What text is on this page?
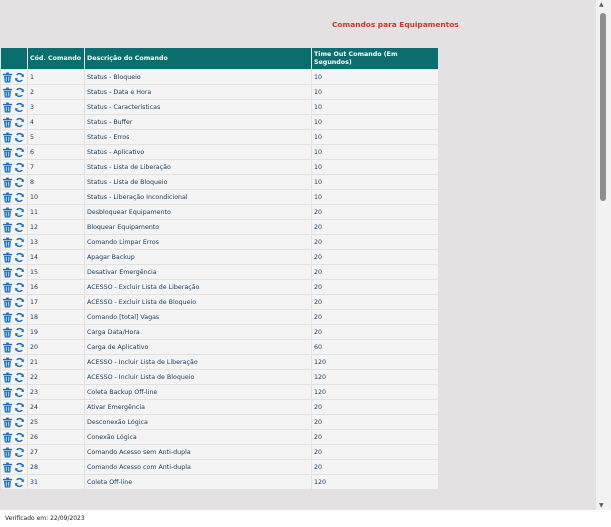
Comandos para Equipamentos
	Cód. Comando	Descrição do Comando	Time Out Comando (Em Segundos)
	1	Status - Bloqueio	10
	2	Status - Data e Hora	10
	3	Status - Características	10
	4	Status - Buffer	10
	5	Status - Erros	10
	6	Status - Aplicativo	10
	7	Status - Lista de Liberação	10
	8	Status - Lista de Bloqueio	10
	10	Status - Liberação Incondicional	10
	11	Desbloquear Equipamento	20
	12	Bloquear Equipamento	20
	13	Comando Limpar Erros	20
	14	Apagar Backup	20
	15	Desativar Emergência	20
	16	ACESSO - Excluir Lista de Liberação	20
	17	ACESSO - Excluir Lista de Bloqueio	20
	18	Comando [total] Vagas	20
	19	Carga Data/Hora	20
	20	Carga de Aplicativo	60
	21	ACESSO - Incluir Lista de Liberação	120
	22	ACESSO - Incluir Lista de Bloqueio	120
	23	Coleta Backup Off-line	120
	24	Ativar Emergência	20
	25	Desconexão Lógica	20
	26	Conexão Lógica	20
	27	Comando Acesso sem Anti-dupla	20
	28	Comando Acesso com Anti-dupla	20
	31	Coleta Off-line	120
▲
▼
Verificado em: 22/09/2023
